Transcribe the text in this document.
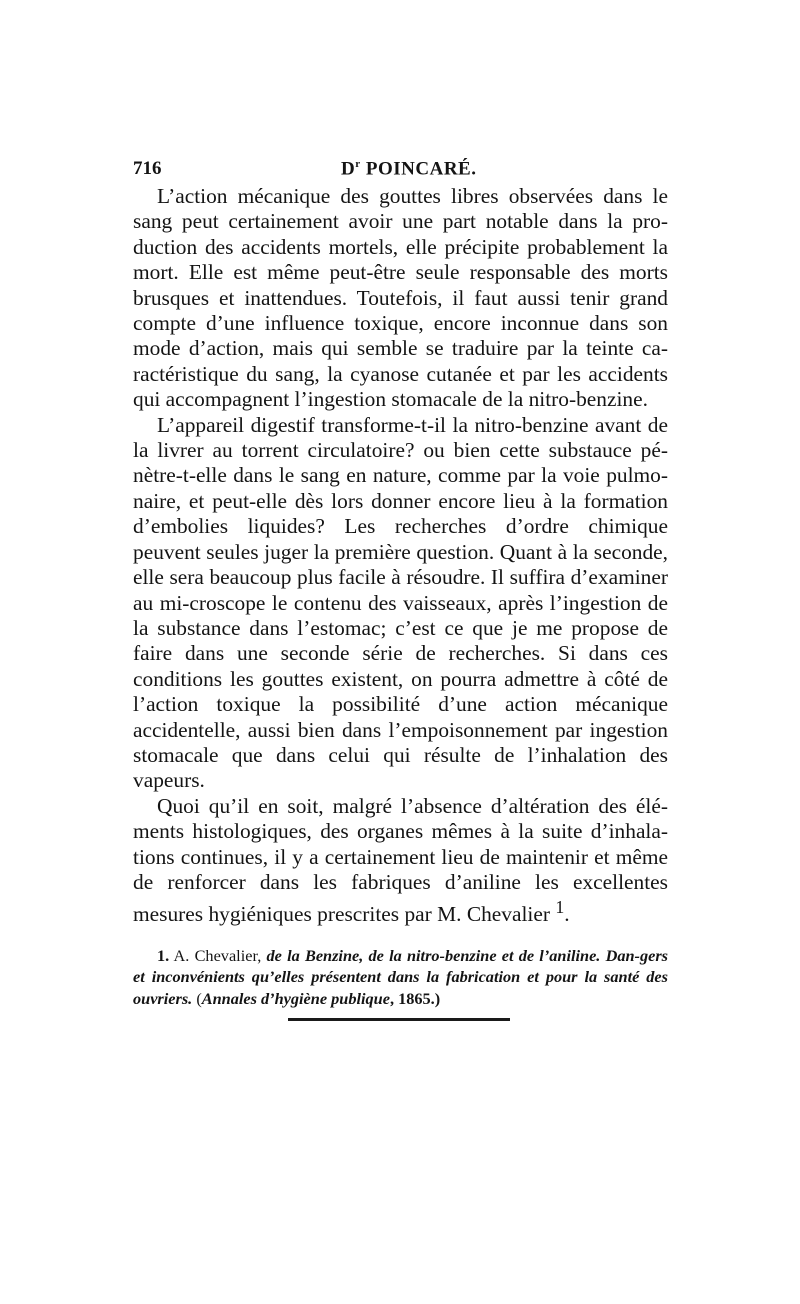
716	$D^r$ POINCARÉ.

L’action mécanique des gouttes libres observées dans le sang peut certainement avoir une part notable dans la pro-duction des accidents mortels, elle précipite probablement la mort. Elle est même peut-être seule responsable des morts brusques et inattendues. Toutefois, il faut aussi tenir grand compte d’une influence toxique, encore inconnue dans son mode d’action, mais qui semble se traduire par la teinte ca-ractéristique du sang, la cyanose cutanée et par les accidents qui accompagnent l’ingestion stomacale de la nitro-benzine.

L’appareil digestif transforme-t-il la nitro-benzine avant de la livrer au torrent circulatoire? ou bien cette substauce pé-nètre-t-elle dans le sang en nature, comme par la voie pulmo-naire, et peut-elle dès lors donner encore lieu à la formation d’embolies liquides? Les recherches d’ordre chimique peuvent seules juger la première question. Quant à la seconde, elle sera beaucoup plus facile à résoudre. Il suffira d’examiner au mi-croscope le contenu des vaisseaux, après l’ingestion de la substance dans l’estomac; c’est ce que je me propose de faire dans une seconde série de recherches. Si dans ces conditions les gouttes existent, on pourra admettre à côté de l’action toxique la possibilité d’une action mécanique accidentelle, aussi bien dans l’empoisonnement par ingestion stomacale que dans celui qui résulte de l’inhalation des vapeurs.

Quoi qu’il en soit, malgré l’absence d’altération des élé-ments histologiques, des organes mêmes à la suite d’inhala-tions continues, il y a certainement lieu de maintenir et même de renforcer dans les fabriques d’aniline les excellentes mesures hygiéniques prescrites par M. Chevalier $^1$.

1. A. Chevalier, de la Benzine, de la nitro-benzine et de l’aniline. Dan-gers et inconvénients qu’elles présentent dans la fabrication et pour la santé des ouvriers. (Annales d’hygiène publique, 1865.)
